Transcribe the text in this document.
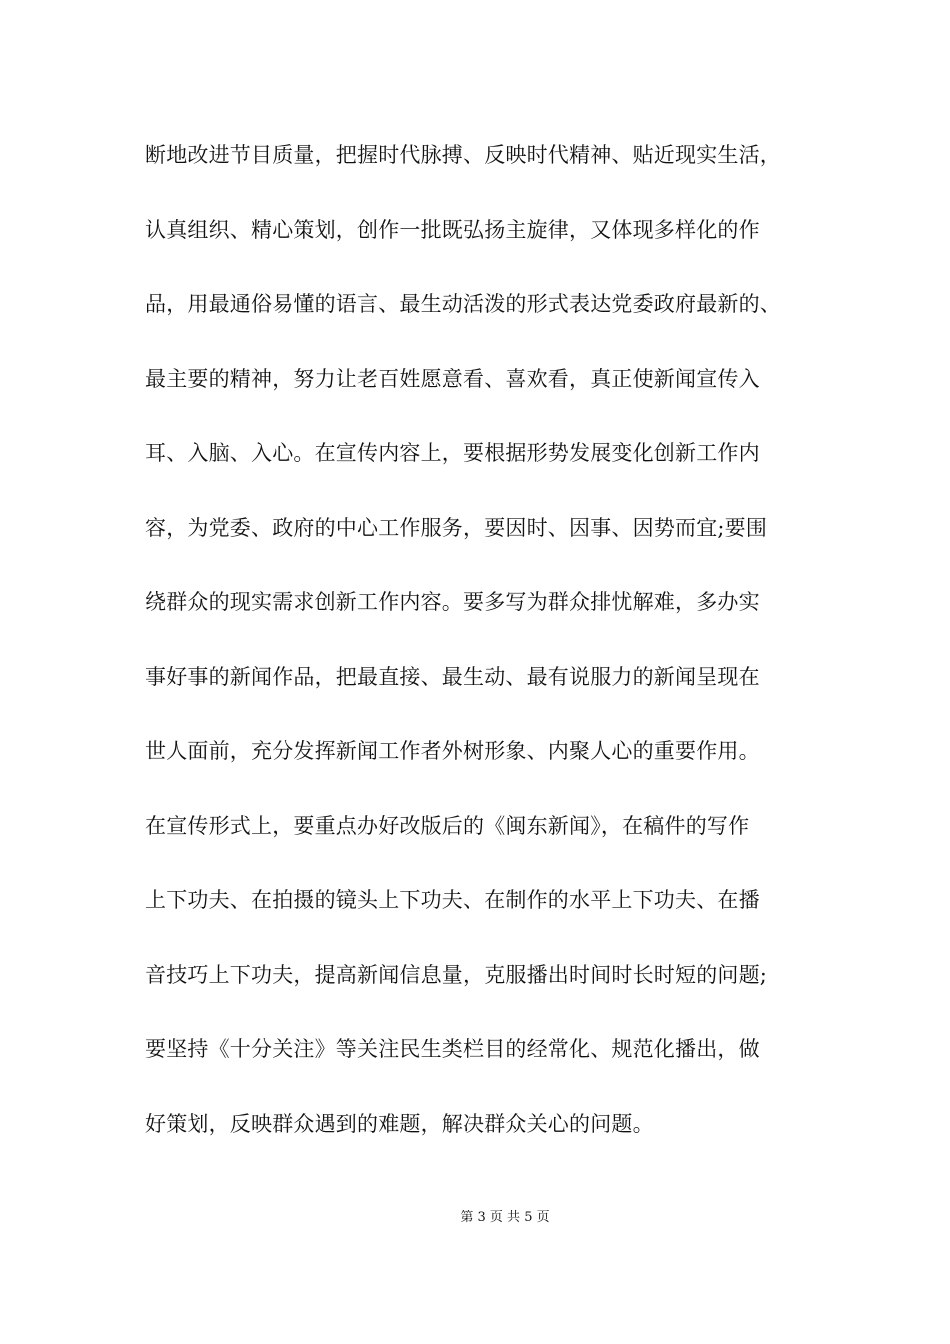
断地改进节目质量，把握时代脉搏、反映时代精神、贴近现实生活，
认真组织、精心策划，创作一批既弘扬主旋律，又体现多样化的作
品，用最通俗易懂的语言、最生动活泼的形式表达党委政府最新的、
最主要的精神，努力让老百姓愿意看、喜欢看，真正使新闻宣传入
耳、入脑、入心。在宣传内容上，要根据形势发展变化创新工作内
容，为党委、政府的中心工作服务，要因时、因事、因势而宜;要围
绕群众的现实需求创新工作内容。要多写为群众排忧解难，多办实
事好事的新闻作品，把最直接、最生动、最有说服力的新闻呈现在
世人面前，充分发挥新闻工作者外树形象、内聚人心的重要作用。
在宣传形式上，要重点办好改版后的《闽东新闻》，在稿件的写作
上下功夫、在拍摄的镜头上下功夫、在制作的水平上下功夫、在播
音技巧上下功夫，提高新闻信息量，克服播出时间时长时短的问题;
要坚持《十分关注》等关注民生类栏目的经常化、规范化播出，做
好策划，反映群众遇到的难题，解决群众关心的问题。
第 3 页 共 5 页
